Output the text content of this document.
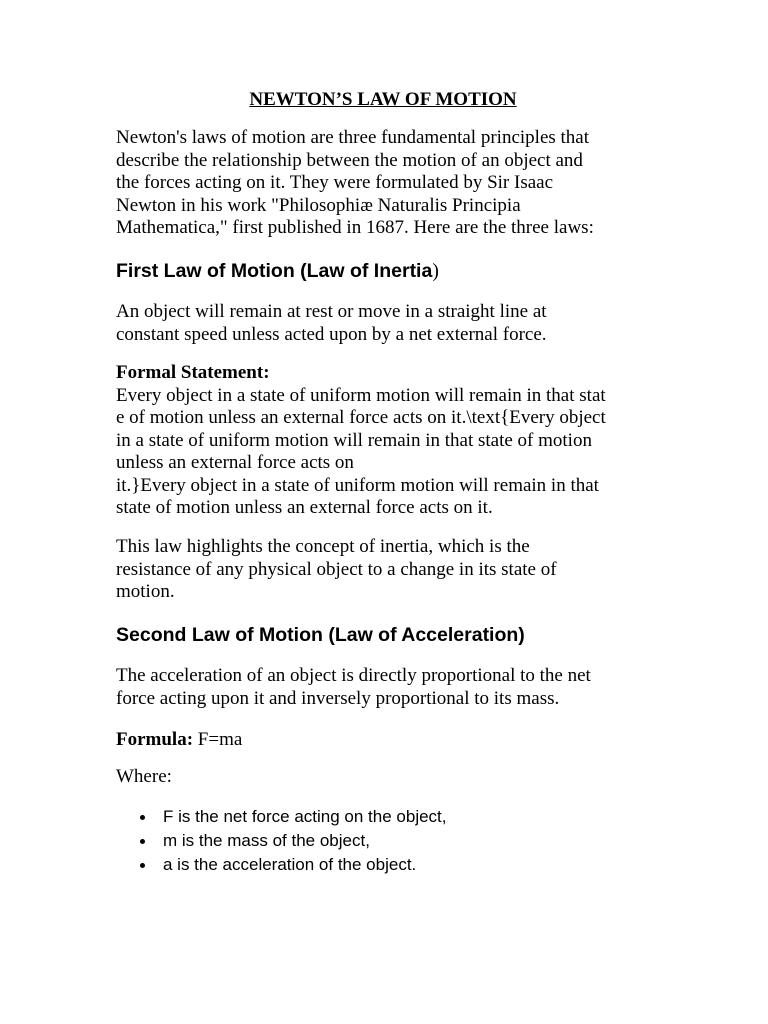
NEWTON’S LAW OF MOTION

Newton's laws of motion are three fundamental principles that
describe the relationship between the motion of an object and
the forces acting on it. They were formulated by Sir Isaac
Newton in his work "Philosophiæ Naturalis Principia
Mathematica," first published in 1687. Here are the three laws:

First Law of Motion (Law of Inertia)

An object will remain at rest or move in a straight line at
constant speed unless acted upon by a net external force.

Formal Statement:
Every object in a state of uniform motion will remain in that stat
e of motion unless an external force acts on it.\text{Every object
in a state of uniform motion will remain in that state of motion
unless an external force acts on
it.}Every object in a state of uniform motion will remain in that
state of motion unless an external force acts on it.

This law highlights the concept of inertia, which is the
resistance of any physical object to a change in its state of
motion.

Second Law of Motion (Law of Acceleration)

The acceleration of an object is directly proportional to the net
force acting upon it and inversely proportional to its mass.

Formula: F=ma

Where:

F is the net force acting on the object,
m is the mass of the object,
a is the acceleration of the object.
